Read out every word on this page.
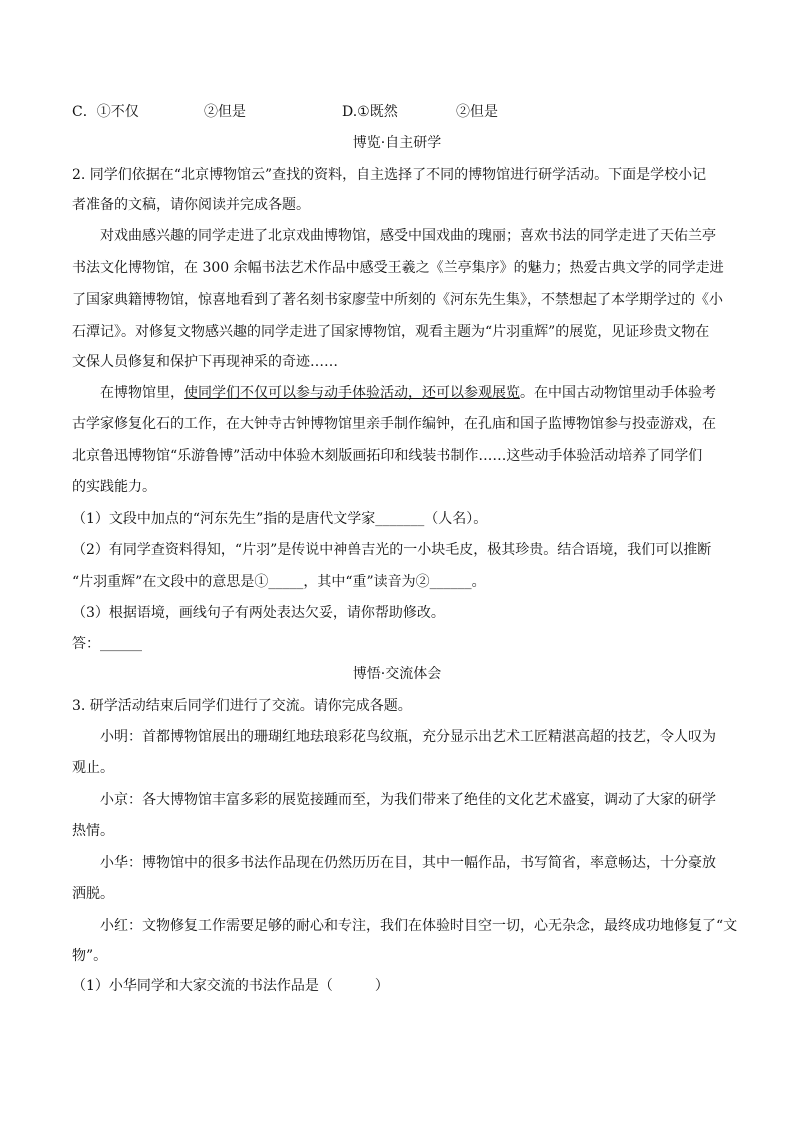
C．①不仅	②但是	D.①既然	②但是
博览·自主研学
2. 同学们依据在“北京博物馆云”查找的资料，自主选择了不同的博物馆进行研学活动。下面是学校小记
者准备的文稿，请你阅读并完成各题。
对戏曲感兴趣的同学走进了北京戏曲博物馆，感受中国戏曲的瑰丽；喜欢书法的同学走进了天佑兰亭
书法文化博物馆，在 300 余幅书法艺术作品中感受王羲之《兰亭集序》的魅力；热爱古典文学的同学走进
了国家典籍博物馆，惊喜地看到了著名刻书家廖莹中所刻的《河东先生集》，不禁想起了本学期学过的《小
石潭记》。对修复文物感兴趣的同学走进了国家博物馆，观看主题为“片羽重辉”的展览，见证珍贵文物在
文保人员修复和保护下再现神采的奇迹……
在博物馆里，使同学们不仅可以参与动手体验活动，还可以参观展览。在中国古动物馆里动手体验考
古学家修复化石的工作，在大钟寺古钟博物馆里亲手制作编钟，在孔庙和国子监博物馆参与投壶游戏，在
北京鲁迅博物馆“乐游鲁博”活动中体验木刻版画拓印和线装书制作……这些动手体验活动培养了同学们
的实践能力。
（1）文段中加点的“河东先生”指的是唐代文学家_______（人名）。
（2）有同学查资料得知，“片羽”是传说中神兽吉光的一小块毛皮，极其珍贵。结合语境，我们可以推断
“片羽重辉”在文段中的意思是①_____，其中“重”读音为②______。
（3）根据语境，画线句子有两处表达欠妥，请你帮助修改。
答：______
博悟·交流体会
3. 研学活动结束后同学们进行了交流。请你完成各题。
小明：首都博物馆展出的珊瑚红地珐琅彩花鸟纹瓶，充分显示出艺术工匠精湛高超的技艺，令人叹为
观止。
小京：各大博物馆丰富多彩的展览接踵而至，为我们带来了绝佳的文化艺术盛宴，调动了大家的研学
热情。
小华：博物馆中的很多书法作品现在仍然历历在目，其中一幅作品，书写简省，率意畅达，十分豪放
洒脱。
小红：文物修复工作需要足够的耐心和专注，我们在体验时目空一切，心无杂念，最终成功地修复了“文
物”。
（1）小华同学和大家交流的书法作品是（　　　）
